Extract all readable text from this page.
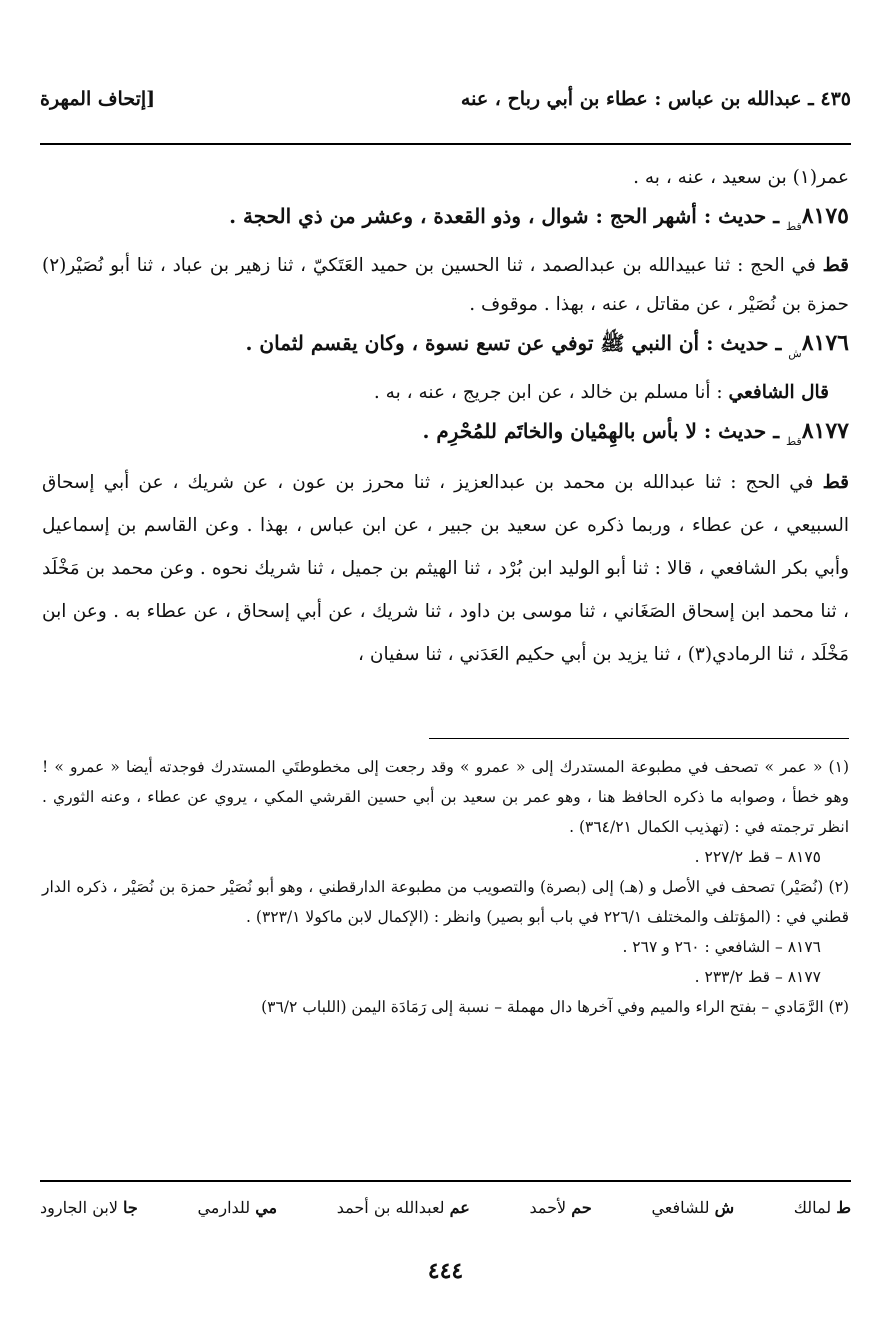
٤٣٥ ـ عبدالله بن عباس : عطاء بن أبي رباح ، عنه
[إتحاف المهرة

عمر(١) بن سعيد ، عنه ، به .

$٨١٧٥_{قط}$ ـ حديث : أشهر الحج : شوال ، وذو القعدة ، وعشر من ذي الحجة .

قط في الحج : ثنا عبيدالله بن عبدالصمد ، ثنا الحسين بن حميد العَتَكيّ ، ثنا زهير بن عباد ، ثنا أبو نُصَيْر(٢) حمزة بن نُصَيْر ، عن مقاتل ، عنه ، بهذا . موقوف .

$٨١٧٦_ش$ ـ حديث : أن النبي ﷺ توفي عن تسع نسوة ، وكان يقسم لثمان .

قال الشافعي : أنا مسلم بن خالد ، عن ابن جريج ، عنه ، به .

$٨١٧٧_{قط}$ ـ حديث : لا بأس بالهِمْيان والخاتَم للمُحْرِم .

قط في الحج : ثنا عبدالله بن محمد بن عبدالعزيز ، ثنا محرز بن عون ، عن شريك ، عن أبي إسحاق السبيعي ، عن عطاء ، وربما ذكره عن سعيد بن جبير ، عن ابن عباس ، بهذا . وعن القاسم بن إسماعيل وأبي بكر الشافعي ، قالا : ثنا أبو الوليد ابن بُرْد ، ثنا الهيثم بن جميل ، ثنا شريك نحوه . وعن محمد بن مَخْلَد ، ثنا محمد ابن إسحاق الصَغَاني ، ثنا موسى بن داود ، ثنا شريك ، عن أبي إسحاق ، عن عطاء به . وعن ابن مَخْلَد ، ثنا الرمادي(٣) ، ثنا يزيد بن أبي حكيم العَدَني ، ثنا سفيان ،

(١) « عمر » تصحف في مطبوعة المستدرك إلى « عمرو » وقد رجعت إلى مخطوطتَي المستدرك فوجدته أيضا « عمرو » ! وهو خطأ ، وصوابه ما ذكره الحافظ هنا ، وهو عمر بن سعيد بن أبي حسين القرشي المكي ، يروي عن عطاء ، وعنه الثوري . انظر ترجمته في : (تهذيب الكمال ٣٦٤/٢١) .

٨١٧٥ – قط ٢٢٧/٢ .

(٢) (نُصَيْر) تصحف في الأصل و (هـ) إلى (بصرة) والتصويب من مطبوعة الدارقطني ، وهو أبو نُصَيْر حمزة بن نُصَيْر ، ذكره الدار قطني في : (المؤتلف والمختلف ٢٢٦/١ في باب أبو بصير) وانظر : (الإكمال لابن ماكولا ٣٢٣/١) .

٨١٧٦ – الشافعي : ٢٦٠ و ٢٦٧ .

٨١٧٧ – قط ٢٣٣/٢ .

(٣) الرَّمَادي – بفتح الراء والميم وفي آخرها دال مهملة – نسبة إلى رَمَادَة اليمن (اللباب ٣٦/٢)

ط لمالك
ش للشافعي
حم لأحمد
عم لعبدالله بن أحمد
مي للدارمي
جا لابن الجارود
٤٤٤
